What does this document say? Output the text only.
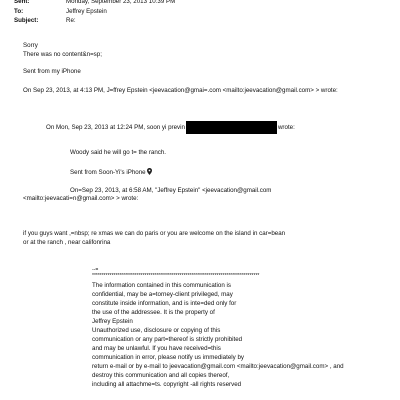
Sent:	Monday, September 23, 2013 10:39 PM
To:	Jeffrey Epstein
Subject:	Re:
Sorry
There was no content&n=sp;
Sent from my iPhone
On Sep 23, 2013, at 4:13 PM, J=ffrey Epstein <jeevacation@gmai=.com <mailto:jeevacation@gmail.com> > wrote:
On Mon, Sep 23, 2013 at 12:24 PM, soon yi previn	wrote:
Woody said he will go t= the ranch.
Sent from Soon-Yi's iPhone
On=Sep 23, 2013, at 6:58 AM, "Jeffrey Epstein" <jeevacation@gmail.com
<mailto:jeevacati=n@gmail.com> > wrote:
if you guys want ,=nbsp; re xmas we can do paris or you are welcome on the island in car=bean
or at the ranch , near califonrina
--=
**************************************************************************************
The information contained in this communication is
confidential, may be a=torney-client privileged, may
constitute inside information, and is inte=ded only for
the use of the addressee. It is the property of
Jeffrey Epstein
Unauthorized use, disclosure or copying of this
communication or any part=thereof is strictly prohibited
and may be unlawful. If you have received=this
communication in error, please notify us immediately by
return e-mail or by e-mail to jeevacation@gmail.com <mailto:jeevacation@gmail.com> , and
destroy this communication and all copies thereof,
including all attachme=ts. copyright -all rights reserved
